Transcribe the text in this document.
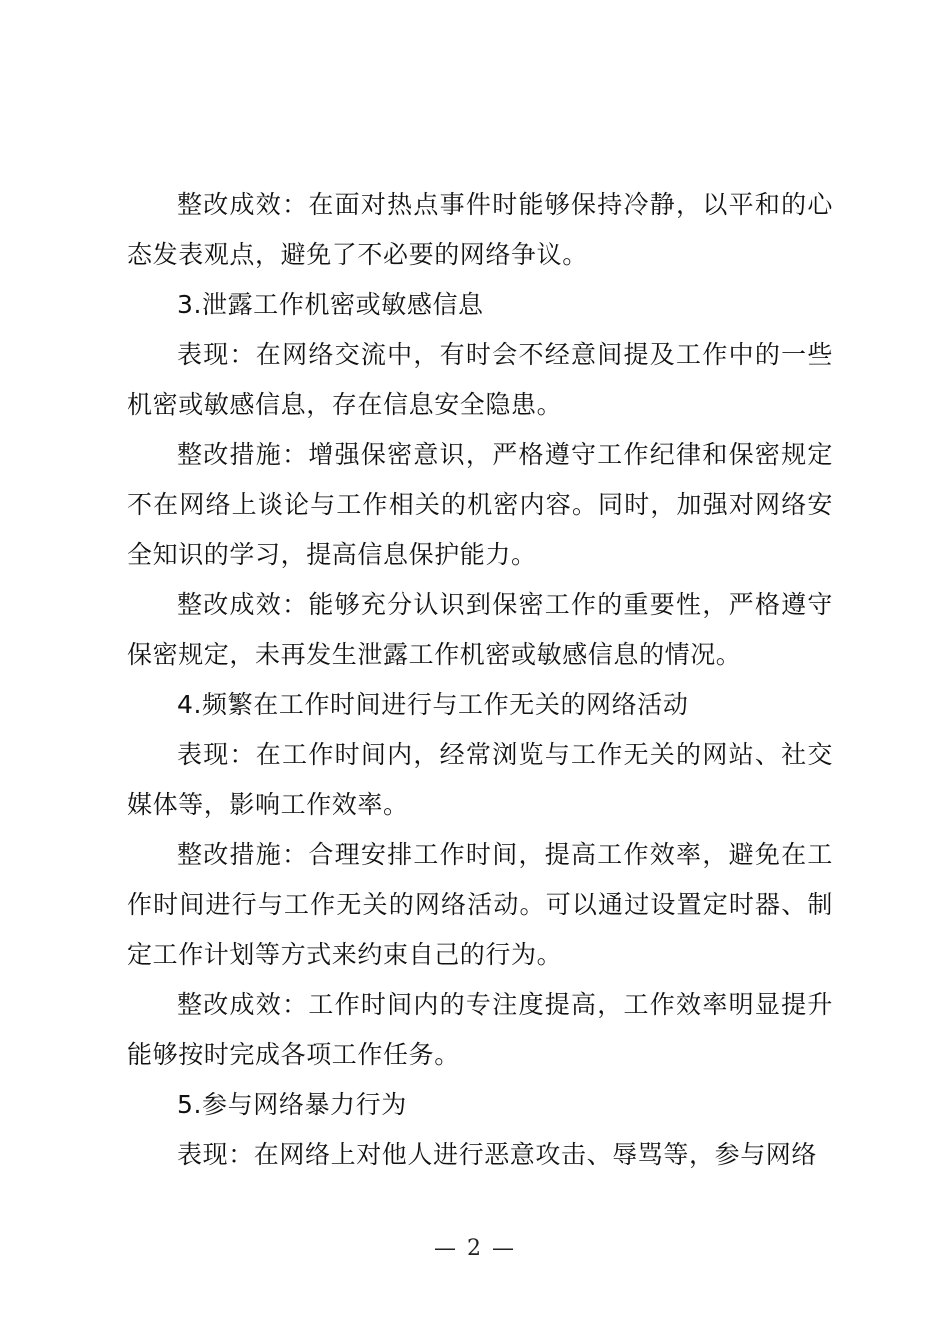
整改成效：在面对热点事件时能够保持冷静，以平和的心态发表观点，避免了不必要的网络争议。

3.泄露工作机密或敏感信息

表现：在网络交流中，有时会不经意间提及工作中的一些机密或敏感信息，存在信息安全隐患。

整改措施：增强保密意识，严格遵守工作纪律和保密规定不在网络上谈论与工作相关的机密内容。同时，加强对网络安全知识的学习，提高信息保护能力。

整改成效：能够充分认识到保密工作的重要性，严格遵守保密规定，未再发生泄露工作机密或敏感信息的情况。

4.频繁在工作时间进行与工作无关的网络活动

表现：在工作时间内，经常浏览与工作无关的网站、社交媒体等，影响工作效率。

整改措施：合理安排工作时间，提高工作效率，避免在工作时间进行与工作无关的网络活动。可以通过设置定时器、制定工作计划等方式来约束自己的行为。

整改成效：工作时间内的专注度提高，工作效率明显提升能够按时完成各项工作任务。

5.参与网络暴力行为

表现：在网络上对他人进行恶意攻击、辱骂等，参与网络

— 2 —
